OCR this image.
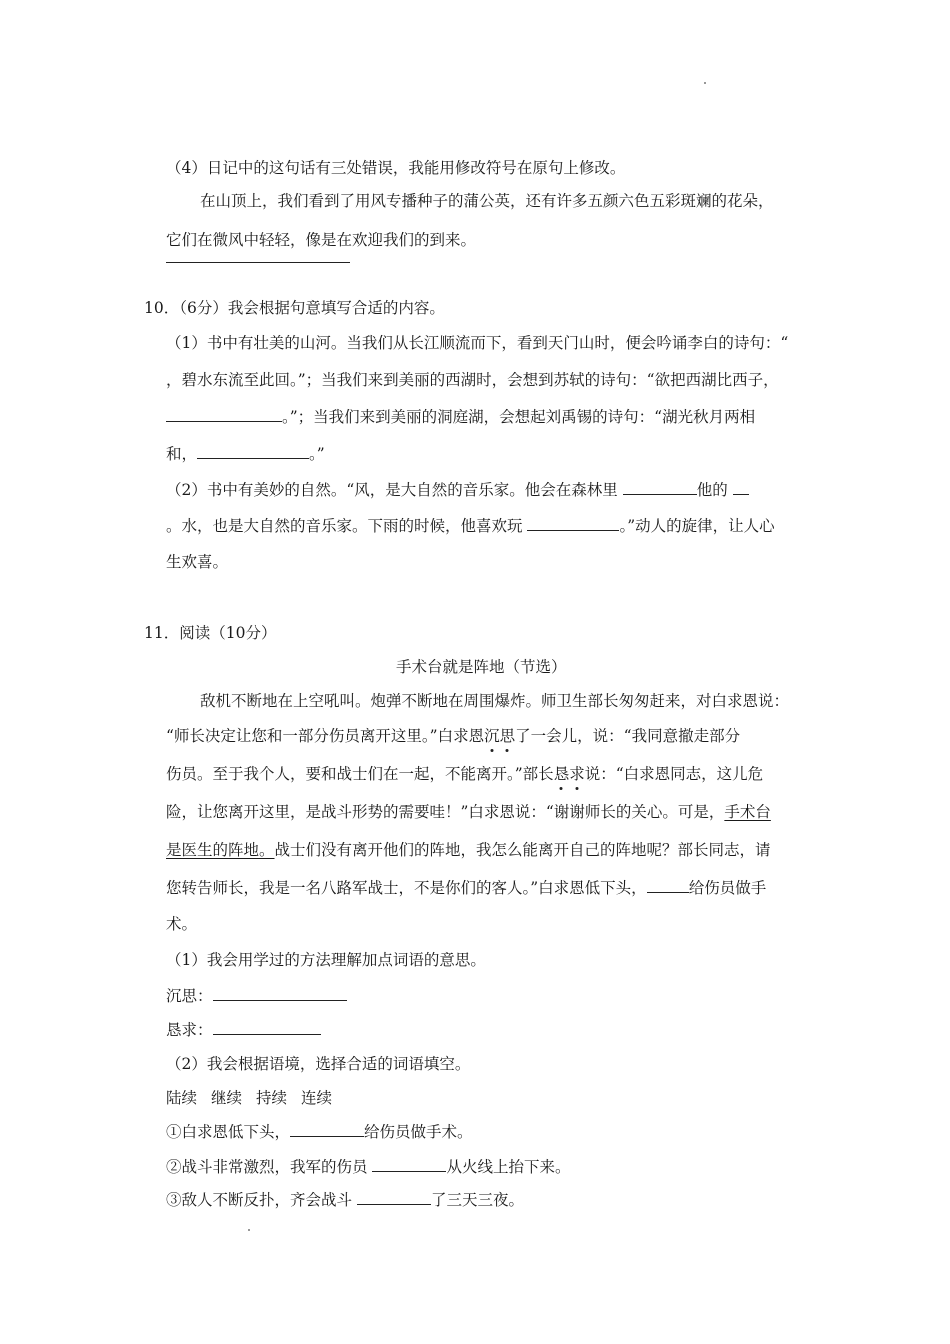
（4）日记中的这句话有三处错误，我能用修改符号在原句上修改。
在山顶上，我们看到了用风专播种子的蒲公英，还有许多五颜六色五彩斑斓的花朵，
它们在微风中轻轻，像是在欢迎我们的到来。
10．（6分）我会根据句意填写合适的内容。
（1）书中有壮美的山河。当我们从长江顺流而下，看到天门山时，便会吟诵李白的诗句：“
，碧水东流至此回。”；当我们来到美丽的西湖时，会想到苏轼的诗句：“欲把西湖比西子，
。”；当我们来到美丽的洞庭湖，会想起刘禹锡的诗句：“湖光秋月两相
和，	。”
（2）书中有美妙的自然。“风，是大自然的音乐家。他会在森林里	他的
。水，也是大自然的音乐家。下雨的时候，他喜欢玩	。”动人的旋律，让人心
生欢喜。
11．阅读（10分）
手术台就是阵地（节选）
敌机不断地在上空吼叫。炮弹不断地在周围爆炸。师卫生部长匆匆赶来，对白求恩说：
“师长决定让您和一部分伤员离开这里。”白求恩沉思了一会儿，说：“我同意撤走部分
伤员。至于我个人，要和战士们在一起，不能离开。”部长恳求说：“白求恩同志，这儿危
险，让您离开这里，是战斗形势的需要哇！”白求恩说：“谢谢师长的关心。可是，手术台
是医生的阵地。战士们没有离开他们的阵地，我怎么能离开自己的阵地呢？部长同志，请
您转告师长，我是一名八路军战士，不是你们的客人。”白求恩低下头，	给伤员做手
术。
（1）我会用学过的方法理解加点词语的意思。
沉思：
恳求：
（2）我会根据语境，选择合适的词语填空。
陆续 继续 持续 连续
①白求恩低下头，	给伤员做手术。
②战斗非常激烈，我军的伤员	从火线上抬下来。
③敌人不断反扑，齐会战斗	了三天三夜。
